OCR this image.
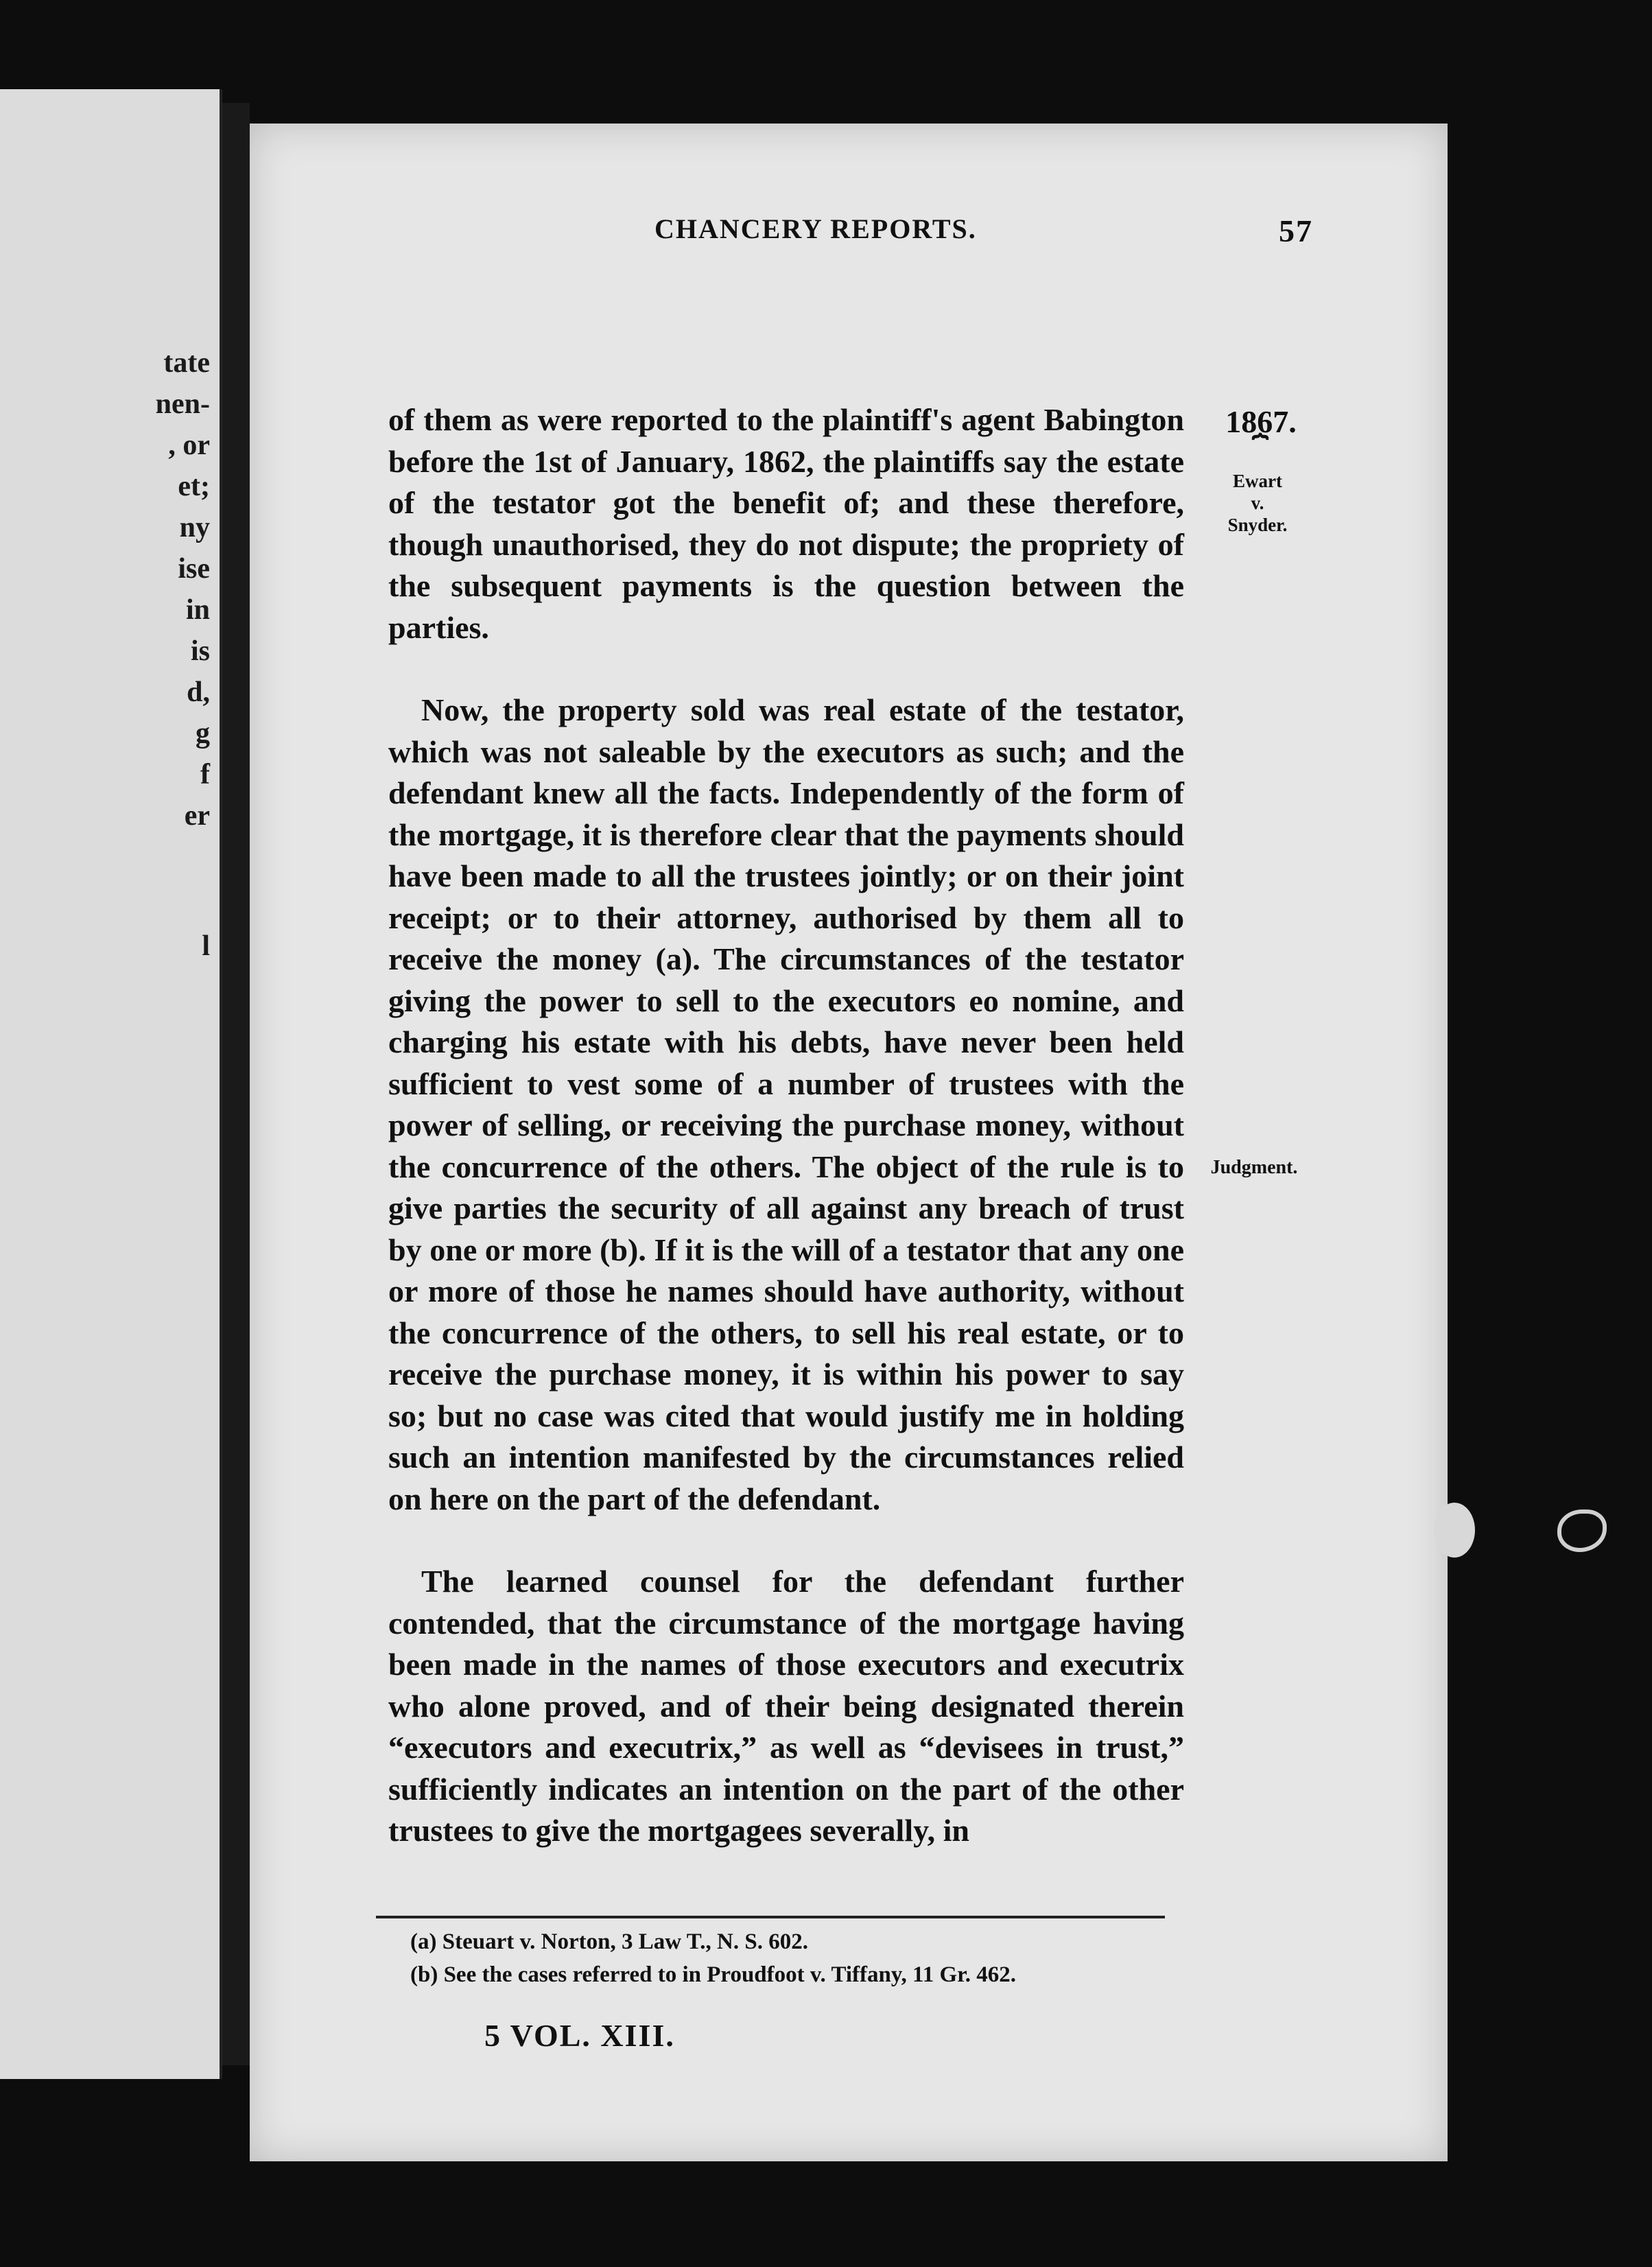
tate
nen-
, or
et;
ny
ise
in
is
d,
g
f
er
l
CHANCERY REPORTS.	57
1867.
⏞
Ewart
v.
Snyder.
Judgment.

of them as were reported to the plaintiff's agent Babington before the 1st of January, 1862, the plaintiffs say the estate of the testator got the benefit of; and these therefore, though unauthorised, they do not dispute; the propriety of the subsequent payments is the question between the parties.

Now, the property sold was real estate of the testator, which was not saleable by the executors as such; and the defendant knew all the facts. Independently of the form of the mortgage, it is therefore clear that the payments should have been made to all the trustees jointly; or on their joint receipt; or to their attorney, authorised by them all to receive the money (a). The circumstances of the testator giving the power to sell to the executors eo nomine, and charging his estate with his debts, have never been held sufficient to vest some of a number of trustees with the power of selling, or receiving the purchase money, without the concurrence of the others. The object of the rule is to give parties the security of all against any breach of trust by one or more (b). If it is the will of a testator that any one or more of those he names should have authority, without the concurrence of the others, to sell his real estate, or to receive the purchase money, it is within his power to say so; but no case was cited that would justify me in holding such an intention manifested by the circumstances relied on here on the part of the defendant.

The learned counsel for the defendant further contended, that the circumstance of the mortgage having been made in the names of those executors and executrix who alone proved, and of their being designated therein “executors and executrix,” as well as “devisees in trust,” sufficiently indicates an intention on the part of the other trustees to give the mortgagees severally, in

(a) Steuart v. Norton, 3 Law T., N. S. 602.
(b) See the cases referred to in Proudfoot v. Tiffany, 11 Gr. 462.
5 VOL. XIII.
